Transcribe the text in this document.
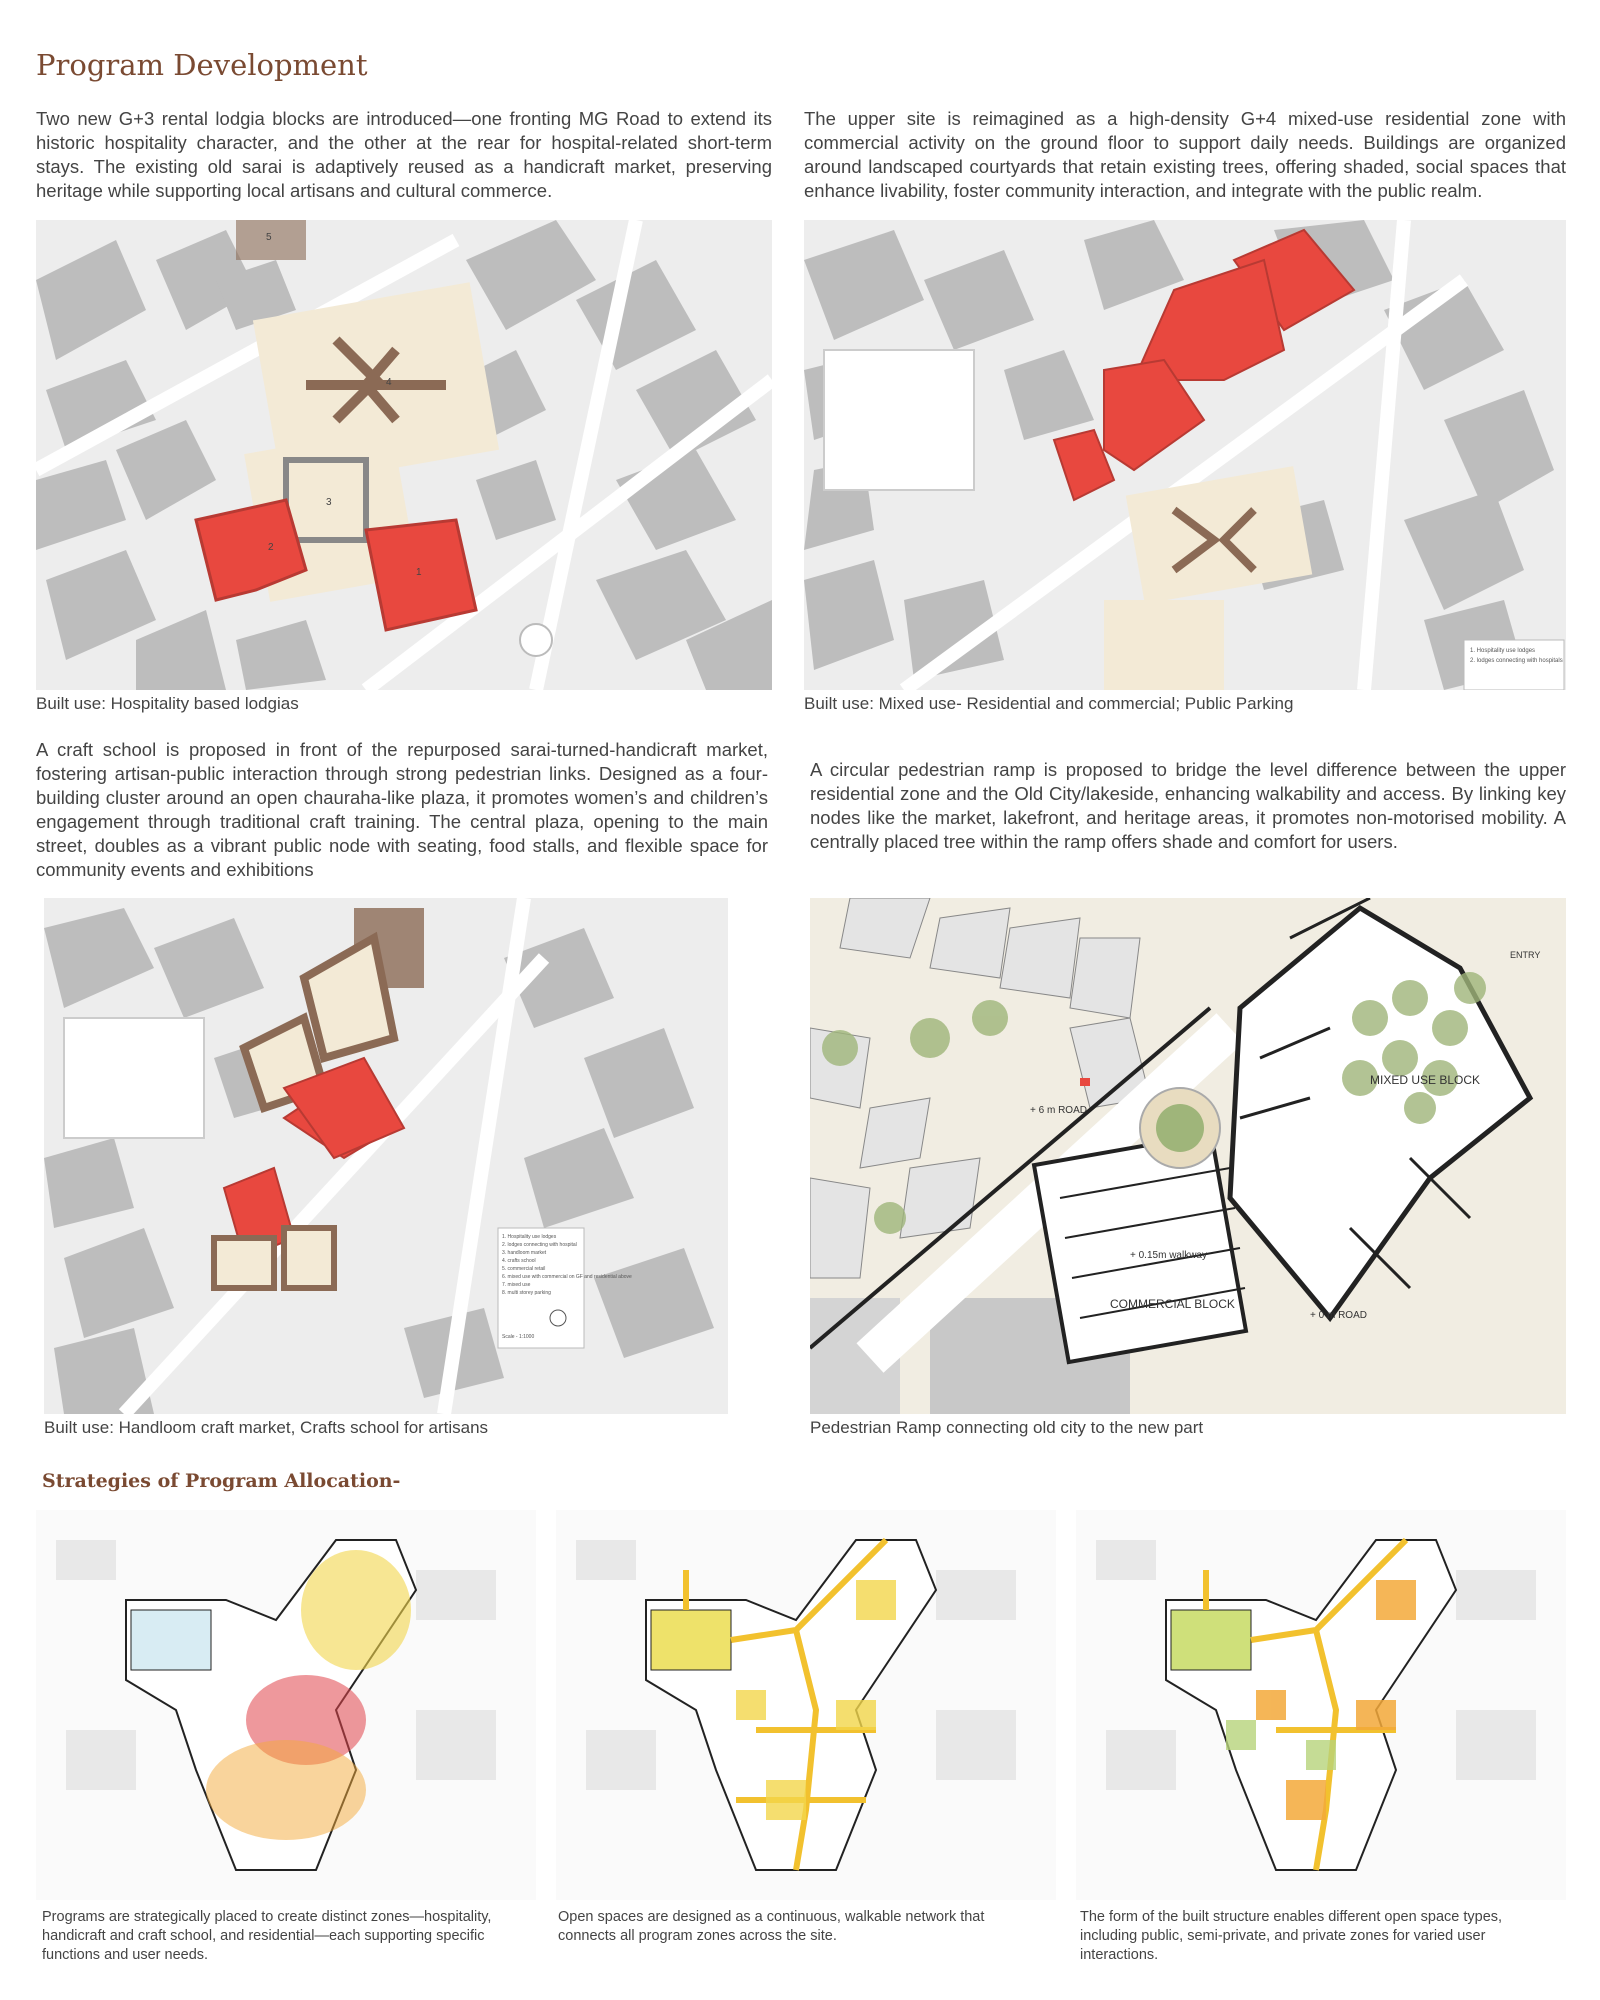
Program Development

Two new G+3 rental lodgia blocks are introduced—one fronting MG Road to extend its historic hospitality character, and the other at the rear for hospital-related short-term stays. The existing old sarai is adaptively reused as a handicraft market, preserving heritage while supporting local artisans and cultural commerce.

The upper site is reimagined as a high-density G+4 mixed-use residential zone with commercial activity on the ground floor to support daily needs. Buildings are organized around landscaped courtyards that retain existing trees, offering shaded, social spaces that enhance livability, foster community interaction, and integrate with the public realm.

A craft school is proposed in front of the repurposed sarai-turned-handicraft market, fostering artisan-public interaction through strong pedestrian links. Designed as a four-building cluster around an open chauraha-like plaza, it promotes women’s and children’s engagement through traditional craft training. The central plaza, opening to the main street, doubles as a vibrant public node with seating, food stalls, and flexible space for community events and exhibitions

A circular pedestrian ramp is proposed to bridge the level difference between the upper residential zone and the Old City/lakeside, enhancing walkability and access. By linking key nodes like the market, lakefront, and heritage areas, it promotes non-motorised mobility. A centrally placed tree within the ramp offers shade and comfort for users.

2
1
3
4
5
Built use: Hospitality based lodgias
1. Hospitality use lodges
2. lodges connecting with hospitals
Built use: Mixed use- Residential and commercial; Public Parking
1. Hospitality use lodges
2. lodges connecting with hospital
3. handloom market
4. crafts school
5. commercial retail
6. mixed use with commercial on GF and residential above
7. mixed use
8. multi storey parking
Scale - 1:1000
Built use: Handloom craft market, Crafts school for artisans
MIXED USE BLOCK
COMMERCIAL BLOCK
+ 6 m ROAD
+ 0.15m walkway
+ 0 m ROAD
ENTRY
Pedestrian Ramp connecting old city to the new part
Strategies of Program Allocation-
Programs are strategically placed to create distinct zones—hospitality, handicraft and craft school, and residential—each supporting specific functions and user needs.
Open spaces are designed as a continuous, walkable network that connects all program zones across the site.
The form of the built structure enables different open space types, including public, semi-private, and private zones for varied user interactions.
